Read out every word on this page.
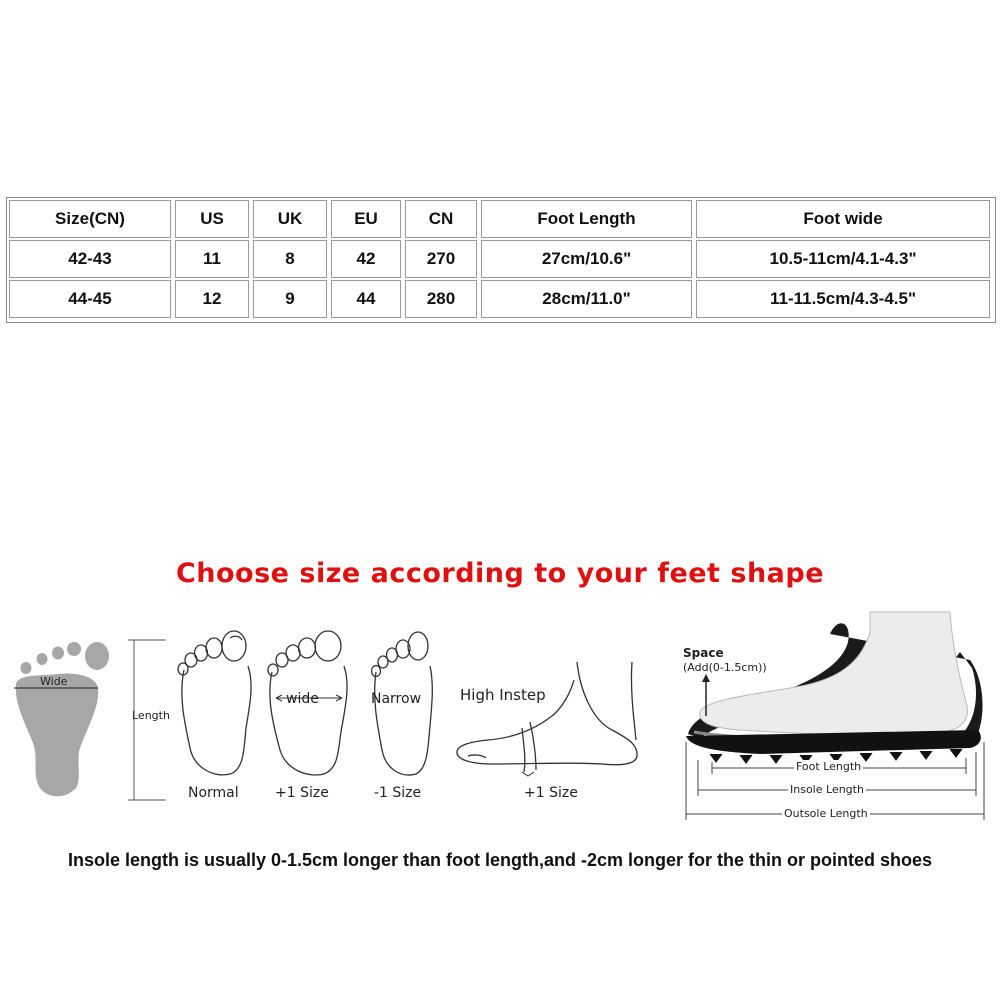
Size(CN)	US	UK	EU	CN	Foot Length	Foot wide
42-43	11	8	42	270	27cm/10.6"	10.5-11cm/4.1-4.3"
44-45	12	9	44	280	28cm/11.0"	11-11.5cm/4.3-4.5"
Choose size according to your feet shape
Wide
Length
Normal
wide
+1 Size
Narrow
-1 Size
High Instep
+1 Size
Space
(Add(0-1.5cm))
Foot Length
Insole Length
Outsole Length
Insole length is usually 0-1.5cm longer than foot length,and -2cm longer for the thin or pointed shoes
